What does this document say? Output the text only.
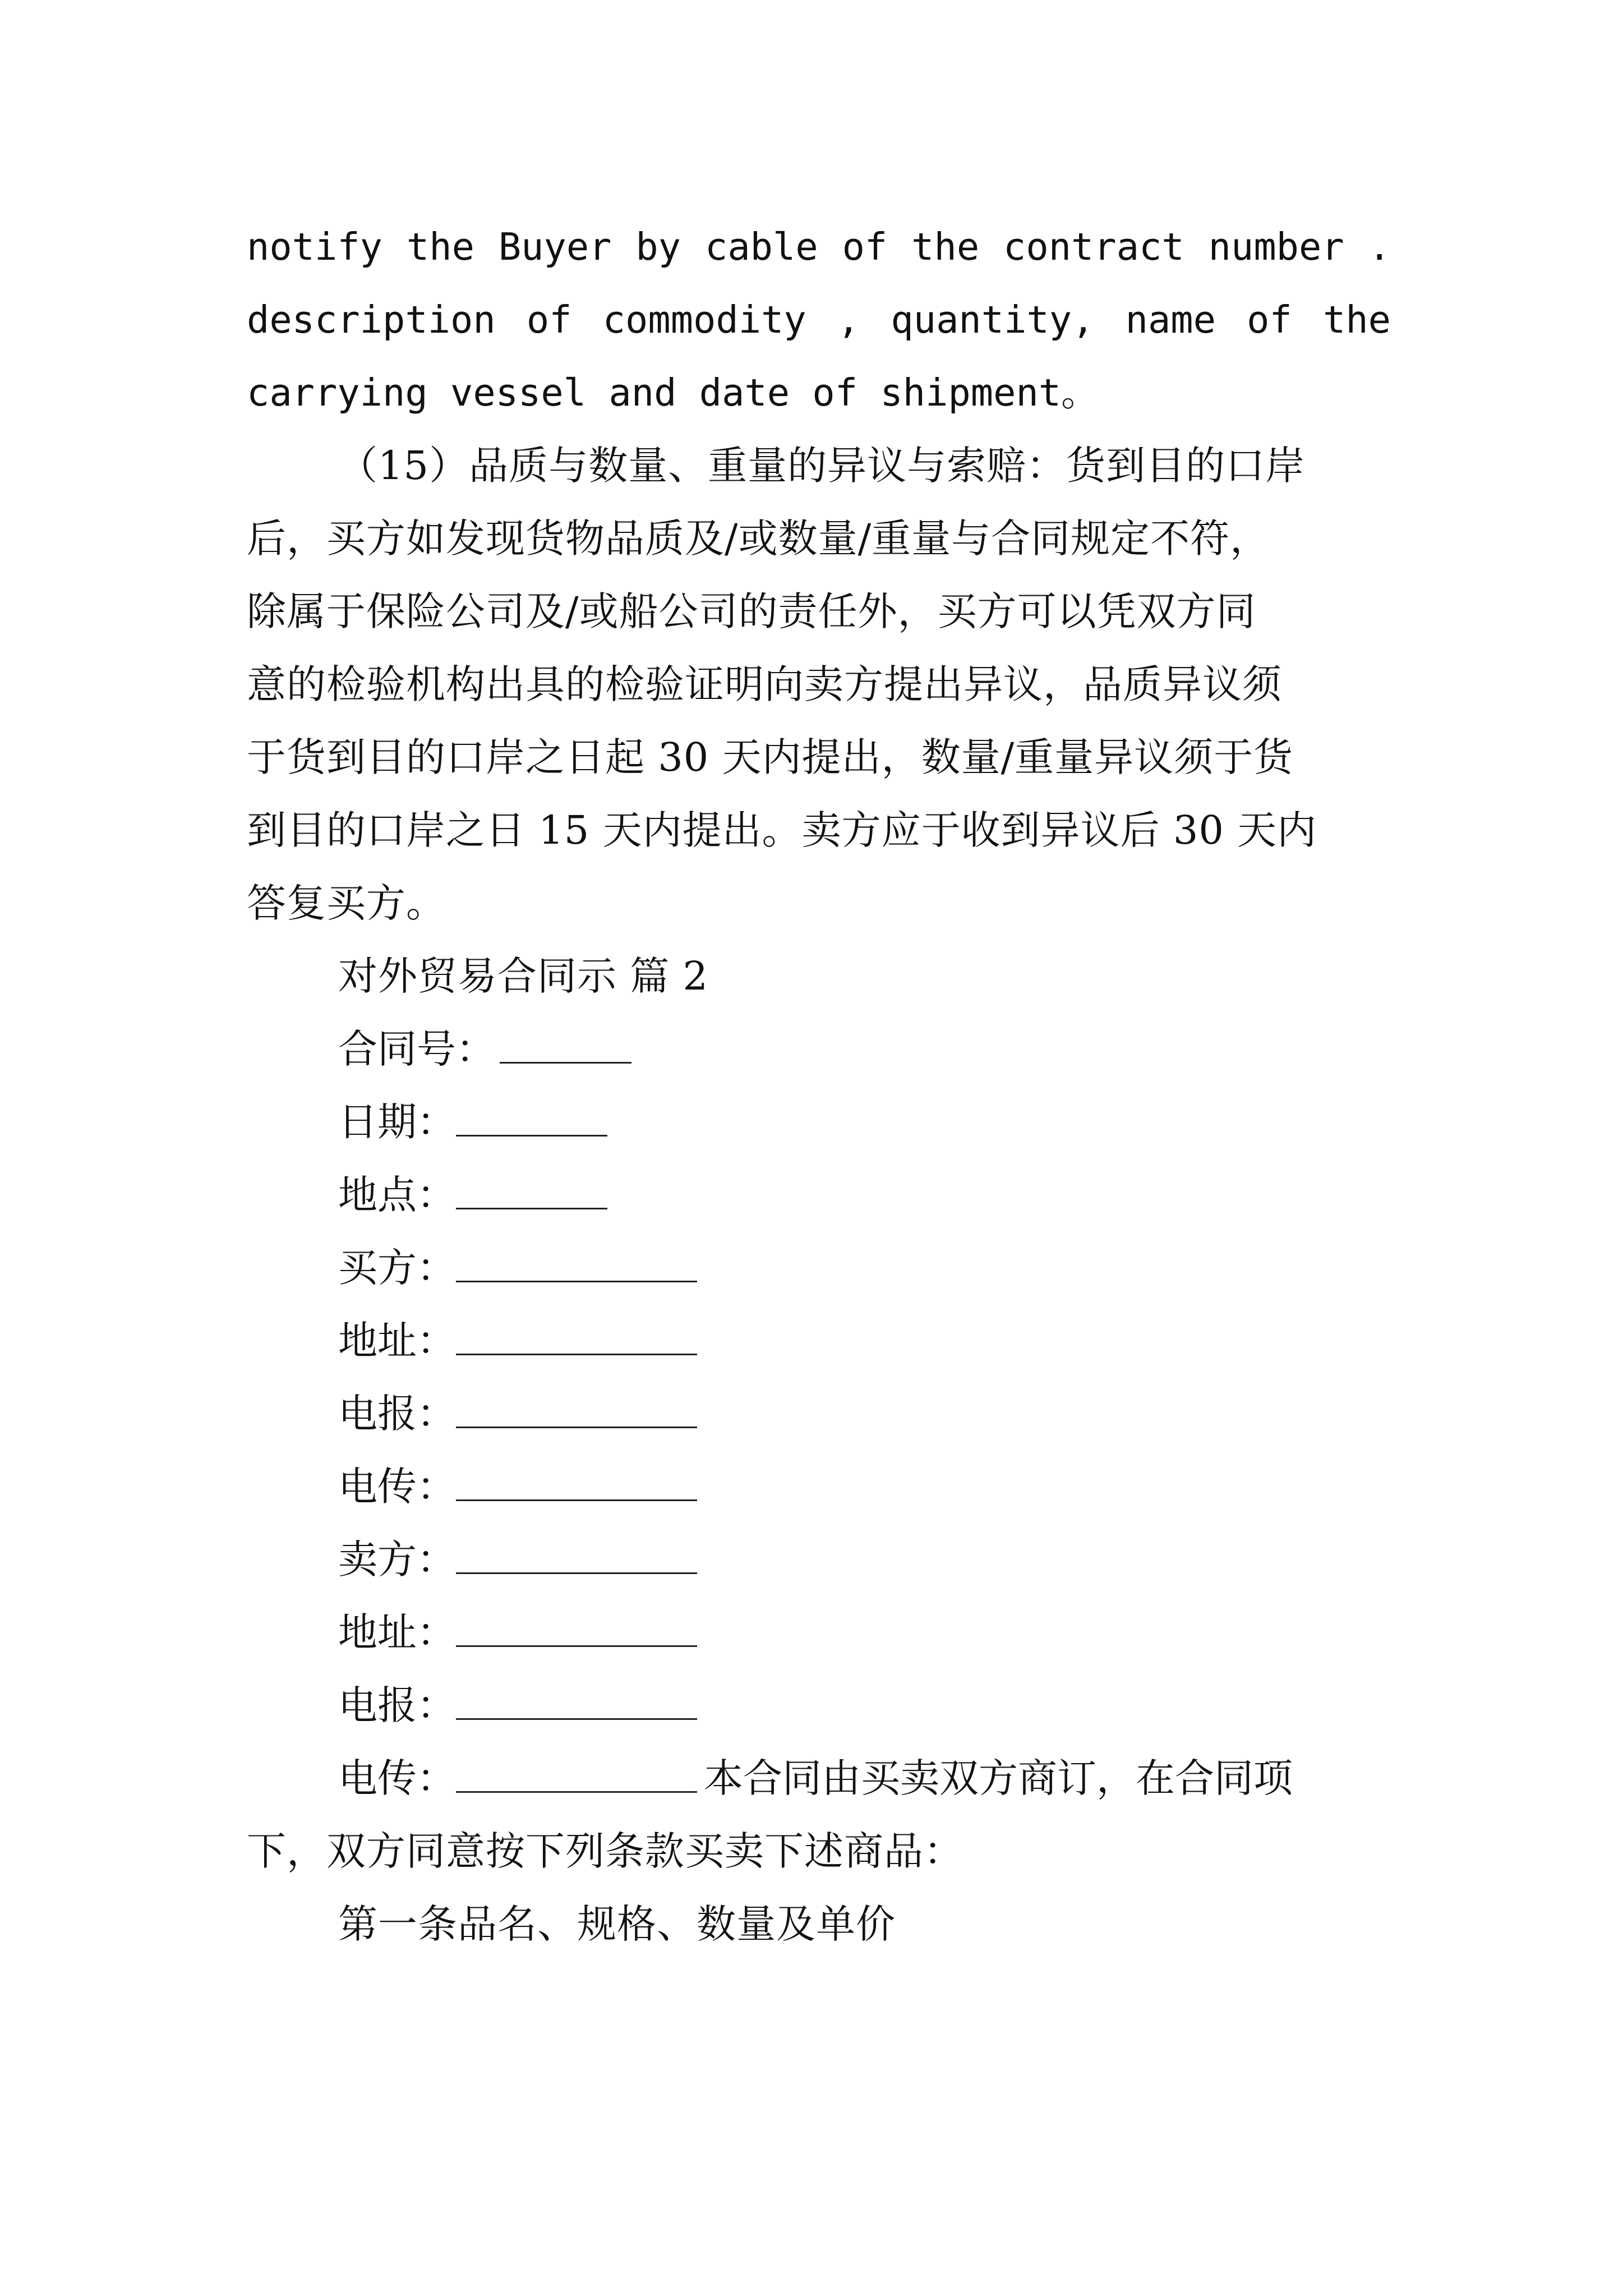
notify the Buyer by cable of the contract number .
description of commodity , quantity, name of the
carrying vessel and date of shipment。
（15）品质与数量、重量的异议与索赔：货到目的口岸
后，买方如发现货物品质及/或数量/重量与合同规定不符，
除属于保险公司及/或船公司的责任外，买方可以凭双方同
意的检验机构出具的检验证明向卖方提出异议，品质异议须
于货到目的口岸之日起 30 天内提出，数量/重量异议须于货
到目的口岸之日 15 天内提出。卖方应于收到异议后 30 天内
答复买方。
对外贸易合同示 篇 2
合同号：
日期：
地点：
买方：
地址：
电报：
电传：
卖方：
地址：
电报：
电传：	本合同由买卖双方商订，在合同项
下，双方同意按下列条款买卖下述商品：
第一条品名、规格、数量及单价
